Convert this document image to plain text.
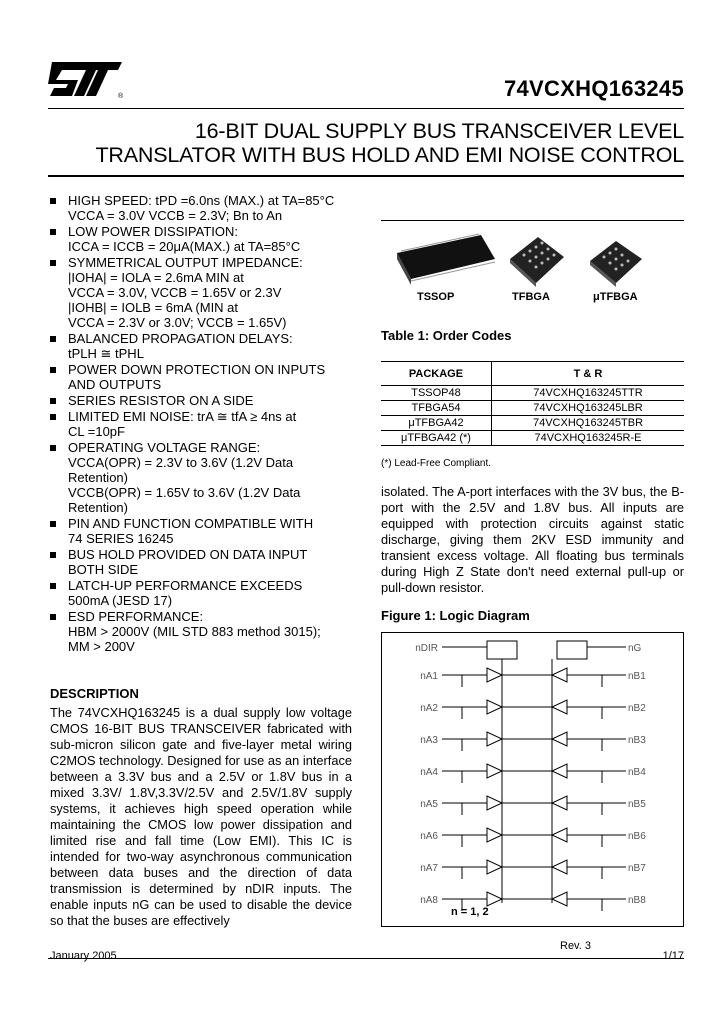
®	74VCXHQ163245
16-BIT DUAL SUPPLY BUS TRANSCEIVER LEVEL
TRANSLATOR WITH BUS HOLD AND EMI NOISE CONTROL
HIGH SPEED: tPD =6.0ns (MAX.) at TA=85°C
VCCA = 3.0V VCCB = 2.3V; Bn to An
LOW POWER DISSIPATION:
ICCA = ICCB = 20μA(MAX.) at TA=85°C
SYMMETRICAL OUTPUT IMPEDANCE:
|IOHA| = IOLA = 2.6mA MIN at
VCCA = 3.0V, VCCB = 1.65V or 2.3V
|IOHB| = IOLB = 6mA (MIN at
VCCA = 2.3V or 3.0V; VCCB = 1.65V)
BALANCED PROPAGATION DELAYS:
tPLH ≅ tPHL
POWER DOWN PROTECTION ON INPUTS
AND OUTPUTS
SERIES RESISTOR ON A SIDE
LIMITED EMI NOISE: trA ≅ tfA ≥ 4ns at
CL =10pF
OPERATING VOLTAGE RANGE:
VCCA(OPR) = 2.3V to 3.6V (1.2V Data
Retention)
VCCB(OPR) = 1.65V to 3.6V (1.2V Data
Retention)
PIN AND FUNCTION COMPATIBLE WITH
74 SERIES 16245
BUS HOLD PROVIDED ON DATA INPUT
BOTH SIDE
LATCH-UP PERFORMANCE EXCEEDS
500mA (JESD 17)
ESD PERFORMANCE:
HBM > 2000V (MIL STD 883 method 3015);
MM > 200V
DESCRIPTION
The 74VCXHQ163245 is a dual supply low voltage CMOS 16-BIT BUS TRANSCEIVER fabricated with sub-micron silicon gate and five-layer metal wiring C2MOS technology. Designed for use as an interface between a 3.3V bus and a 2.5V or 1.8V bus in a mixed 3.3V/ 1.8V,3.3V/2.5V and 2.5V/1.8V supply systems, it achieves high speed operation while maintaining the CMOS low power dissipation and limited rise and fall time (Low EMI). This IC is intended for two-way asynchronous communication between data buses and the direction of data transmission is determined by nDIR inputs. The enable inputs nG can be used to disable the device so that the buses are effectively
TSSOP	TFBGA	μTFBGA
Table 1: Order Codes
PACKAGE	T & R
TSSOP48	74VCXHQ163245TTR
TFBGA54	74VCXHQ163245LBR
μTFBGA42	74VCXHQ163245TBR
μTFBGA42 (*)	74VCXHQ163245R-E
(*) Lead-Free Compliant.
isolated. The A-port interfaces with the 3V bus, the B-port with the 2.5V and 1.8V bus. All inputs are equipped with protection circuits against static discharge, giving them 2KV ESD immunity and transient excess voltage. All floating bus terminals during High Z State don't need external pull-up or pull-down resistor.
Figure 1: Logic Diagram
nDIR	nG
nA1	nB1
nA2	nB2
nA3	nB3
nA4	nB4
nA5	nB5
nA6	nB6
nA7	nB7
nA8	nB8
n = 1, 2
Rev. 3
January 2005	1/17
